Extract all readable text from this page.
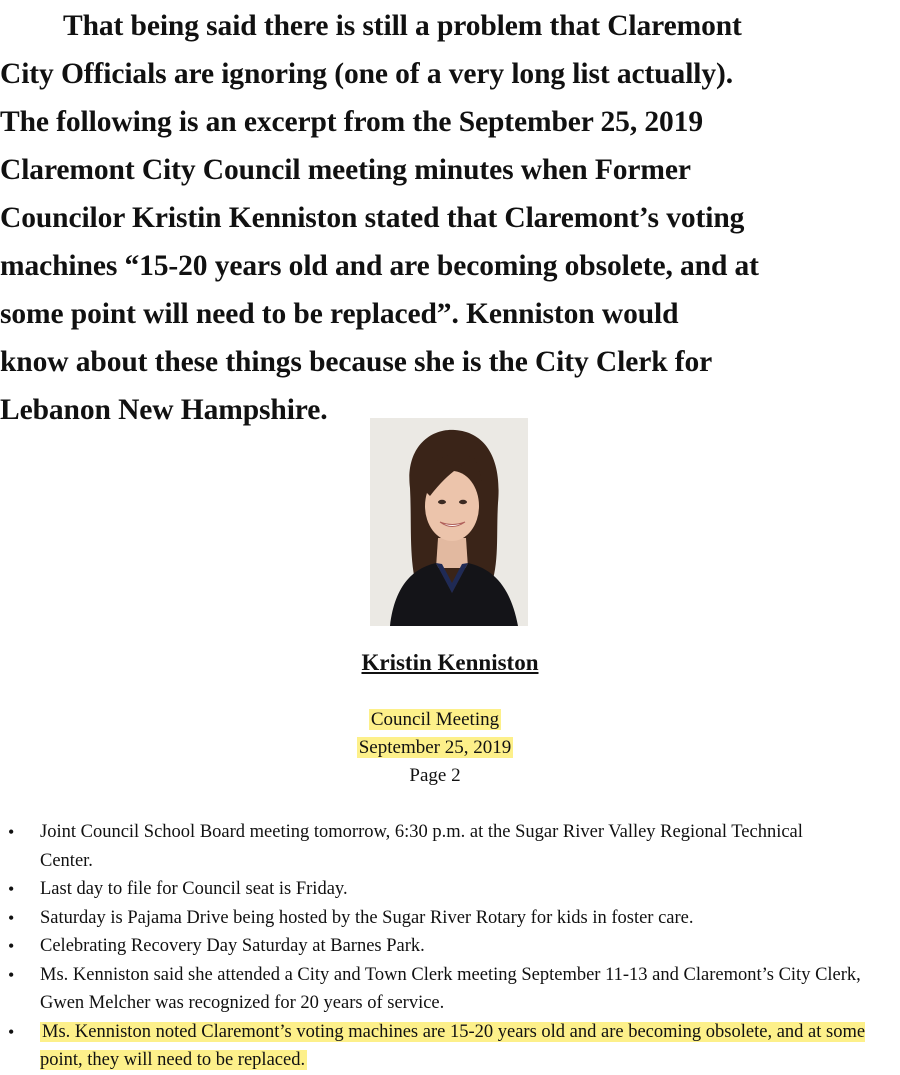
That being said there is still a problem that Claremont
City Officials are ignoring (one of a very long list actually).
The following is an excerpt from the September 25, 2019
Claremont City Council meeting minutes when Former
Councilor Kristin Kenniston stated that Claremont’s voting
machines “15-20 years old and are becoming obsolete, and at
some point will need to be replaced”. Kenniston would
know about these things because she is the City Clerk for
Lebanon New Hampshire.
Kristin Kenniston
Council Meeting
September 25, 2019
Page 2
• Joint Council School Board meeting tomorrow, 6:30 p.m. at the Sugar River Valley Regional Technical Center.
• Last day to file for Council seat is Friday.
• Saturday is Pajama Drive being hosted by the Sugar River Rotary for kids in foster care.
• Celebrating Recovery Day Saturday at Barnes Park.
• Ms. Kenniston said she attended a City and Town Clerk meeting September 11-13 and Claremont’s City Clerk, Gwen Melcher was recognized for 20 years of service.
• Ms. Kenniston noted Claremont’s voting machines are 15-20 years old and are becoming obsolete, and at some point, they will need to be replaced.
